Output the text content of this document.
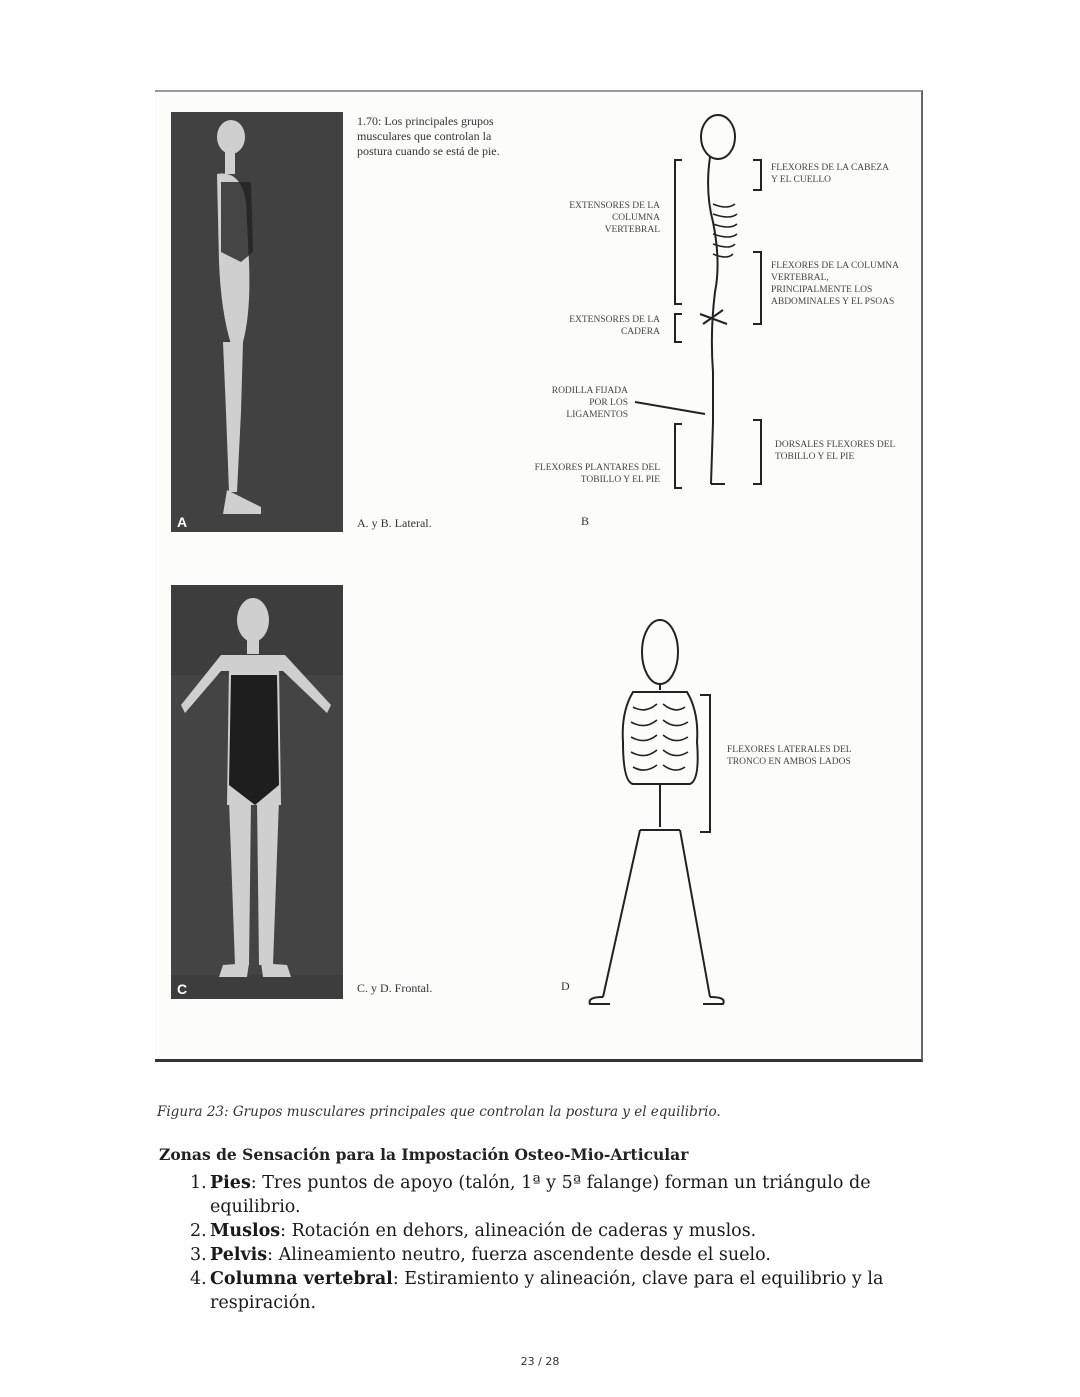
A
1.70: Los principales grupos musculares que controlan la postura cuando se está de pie.
A. y B. Lateral.
EXTENSORES DE LA COLUMNA VERTEBRAL
EXTENSORES DE LA CADERA
RODILLA FIJADA POR LOS LIGAMENTOS
FLEXORES PLANTARES DEL TOBILLO Y EL PIE
FLEXORES DE LA CABEZA Y EL CUELLO
FLEXORES DE LA COLUMNA VERTEBRAL, PRINCIPALMENTE LOS ABDOMINALES Y EL PSOAS
DORSALES FLEXORES DEL TOBILLO Y EL PIE
B
C	C. y D. Frontal.
FLEXORES LATERALES DEL TRONCO EN AMBOS LADOS
D
Figura 23: Grupos musculares principales que controlan la postura y el equilibrio.
Zonas de Sensación para la Impostación Osteo-Mio-Articular
1. Pies: Tres puntos de apoyo (talón, 1ª y 5ª falange) forman un triángulo de equilibrio.
2. Muslos: Rotación en dehors, alineación de caderas y muslos.
3. Pelvis: Alineamiento neutro, fuerza ascendente desde el suelo.
4. Columna vertebral: Estiramiento y alineación, clave para el equilibrio y la respiración.
23 / 28
